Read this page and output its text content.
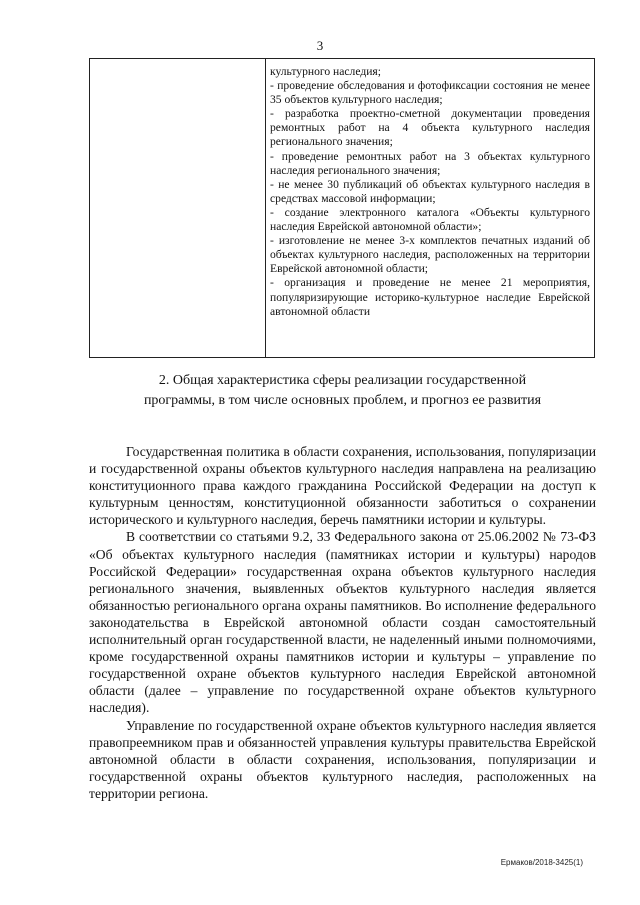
3

культурного наследия;

- проведение обследования и фотофиксации состояния не менее 35 объектов культурного наследия;

- разработка проектно-сметной документации проведения ремонтных работ на 4 объекта культурного наследия регионального значения;

- проведение ремонтных работ на 3 объектах культурного наследия регионального значения;

- не менее 30 публикаций об объектах культурного наследия в средствах массовой информации;

- создание электронного каталога «Объекты культурного наследия Еврейской автономной области»;

- изготовление не менее 3-х комплектов печатных изданий об объектах культурного наследия, расположенных на территории Еврейской автономной области;

- организация и проведение не менее 21 мероприятия, популяризирующие историко-культурное наследие Еврейской автономной области

2. Общая характеристика сферы реализации государственной
программы, в том числе основных проблем, и прогноз ее развития

Государственная политика в области сохранения, использования, популяризации и государственной охраны объектов культурного наследия направлена на реализацию конституционного права каждого гражданина Российской Федерации на доступ к культурным ценностям, конституционной обязанности заботиться о сохранении исторического и культурного наследия, беречь памятники истории и культуры.

В соответствии со статьями 9.2, 33 Федерального закона от 25.06.2002 № 73-ФЗ «Об объектах культурного наследия (памятниках истории и культуры) народов Российской Федерации» государственная охрана объектов культурного наследия регионального значения, выявленных объектов культурного наследия является обязанностью регионального органа охраны памятников. Во исполнение федерального законодательства в Еврейской автономной области создан самостоятельный исполнительный орган государственной власти, не наделенный иными полномочиями, кроме государственной охраны памятников истории и культуры – управление по государственной охране объектов культурного наследия Еврейской автономной области (далее – управление по государственной охране объектов культурного наследия).

Управление по государственной охране объектов культурного наследия является правопреемником прав и обязанностей управления культуры правительства Еврейской автономной области в области сохранения, использования, популяризации и государственной охраны объектов культурного наследия, расположенных на территории региона.

Ермаков/2018-3425(1)
